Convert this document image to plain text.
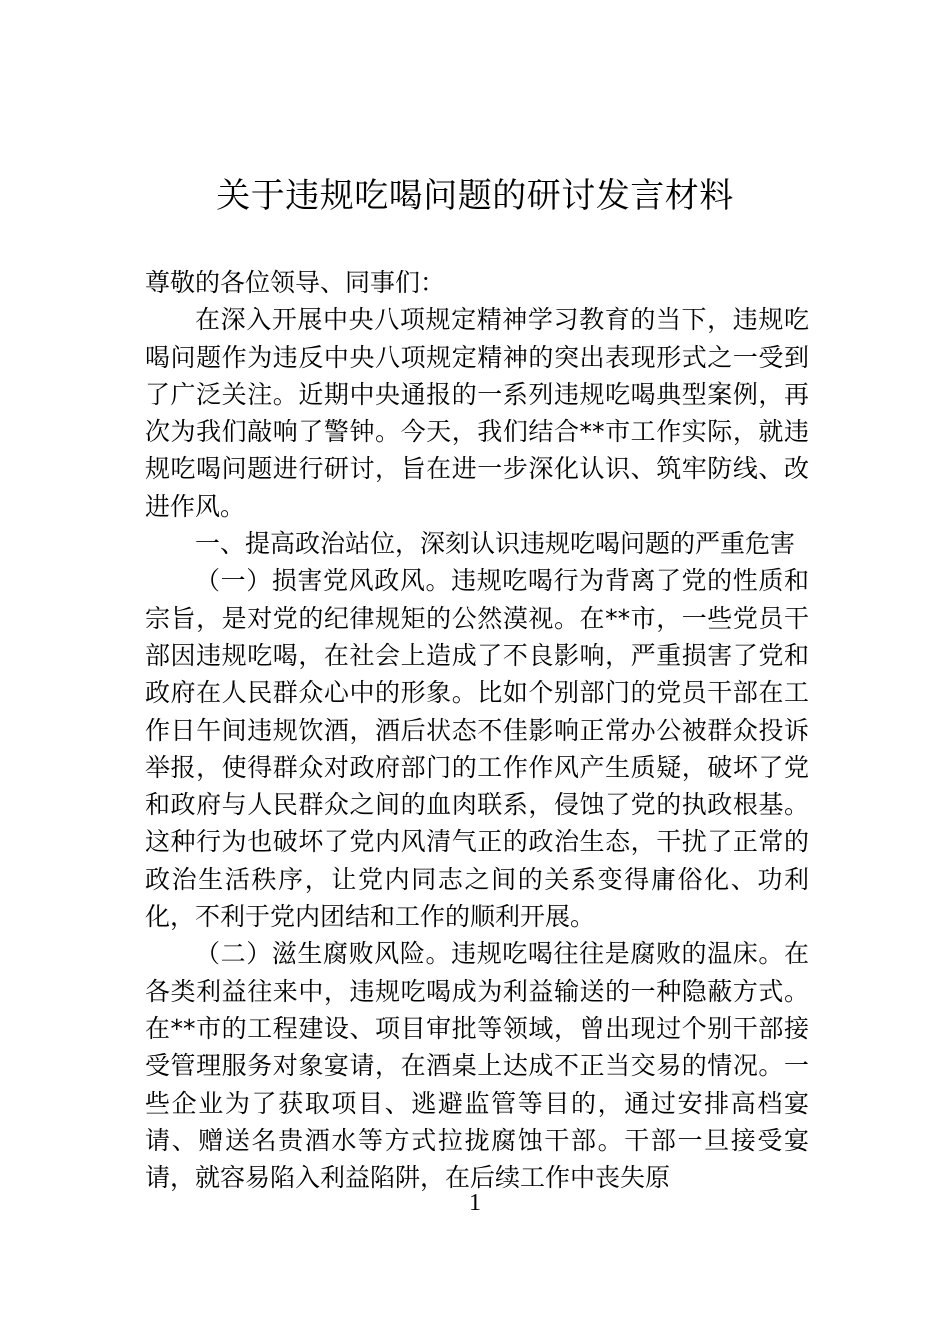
关于违规吃喝问题的研讨发言材料

尊敬的各位领导、同事们：

在深入开展中央八项规定精神学习教育的当下，违规吃喝问题作为违反中央八项规定精神的突出表现形式之一受到了广泛关注。近期中央通报的一系列违规吃喝典型案例，再次为我们敲响了警钟。今天，我们结合**市工作实际，就违规吃喝问题进行研讨，旨在进一步深化认识、筑牢防线、改进作风。

一、提高政治站位，深刻认识违规吃喝问题的严重危害

（一）损害党风政风。违规吃喝行为背离了党的性质和宗旨，是对党的纪律规矩的公然漠视。在**市，一些党员干部因违规吃喝，在社会上造成了不良影响，严重损害了党和政府在人民群众心中的形象。比如个别部门的党员干部在工作日午间违规饮酒，酒后状态不佳影响正常办公被群众投诉举报，使得群众对政府部门的工作作风产生质疑，破坏了党和政府与人民群众之间的血肉联系，侵蚀了党的执政根基。这种行为也破坏了党内风清气正的政治生态，干扰了正常的政治生活秩序，让党内同志之间的关系变得庸俗化、功利化，不利于党内团结和工作的顺利开展。

（二）滋生腐败风险。违规吃喝往往是腐败的温床。在各类利益往来中，违规吃喝成为利益输送的一种隐蔽方式。在**市的工程建设、项目审批等领域，曾出现过个别干部接受管理服务对象宴请，在酒桌上达成不正当交易的情况。一些企业为了获取项目、逃避监管等目的，通过安排高档宴请、赠送名贵酒水等方式拉拢腐蚀干部。干部一旦接受宴请，就容易陷入利益陷阱，在后续工作中丧失原

1
